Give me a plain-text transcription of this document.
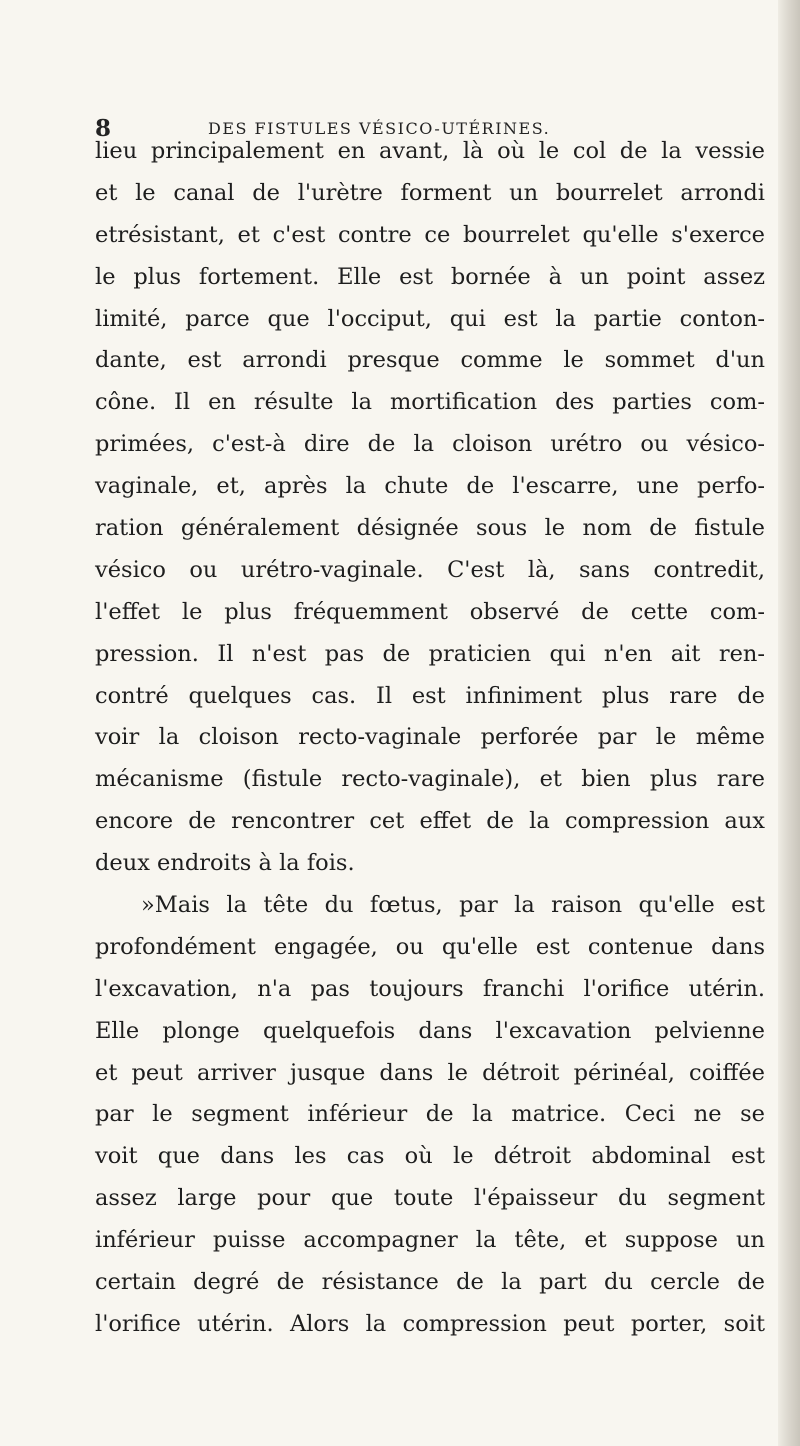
8	DES FISTULES VÉSICO-UTÉRINES.
lieu principalement en avant, là où le col de la vessie
et le canal de l'urètre forment un bourrelet arrondi
etrésistant, et c'est contre ce bourrelet qu'elle s'exerce
le plus fortement. Elle est bornée à un point assez
limité, parce que l'occiput, qui est la partie conton-
dante, est arrondi presque comme le sommet d'un
cône. Il en résulte la mortification des parties com-
primées, c'est-à dire de la cloison urétro ou vésico-
vaginale, et, après la chute de l'escarre, une perfo-
ration généralement désignée sous le nom de fistule
vésico ou urétro-vaginale. C'est là, sans contredit,
l'effet le plus fréquemment observé de cette com-
pression. Il n'est pas de praticien qui n'en ait ren-
contré quelques cas. Il est infiniment plus rare de
voir la cloison recto-vaginale perforée par le même
mécanisme (fistule recto-vaginale), et bien plus rare
encore de rencontrer cet effet de la compression aux
deux endroits à la fois.
»Mais la tête du fœtus, par la raison qu'elle est
profondément engagée, ou qu'elle est contenue dans
l'excavation, n'a pas toujours franchi l'orifice utérin.
Elle plonge quelquefois dans l'excavation pelvienne
et peut arriver jusque dans le détroit périnéal, coiffée
par le segment inférieur de la matrice. Ceci ne se
voit que dans les cas où le détroit abdominal est
assez large pour que toute l'épaisseur du segment
inférieur puisse accompagner la tête, et suppose un
certain degré de résistance de la part du cercle de
l'orifice utérin. Alors la compression peut porter, soit
